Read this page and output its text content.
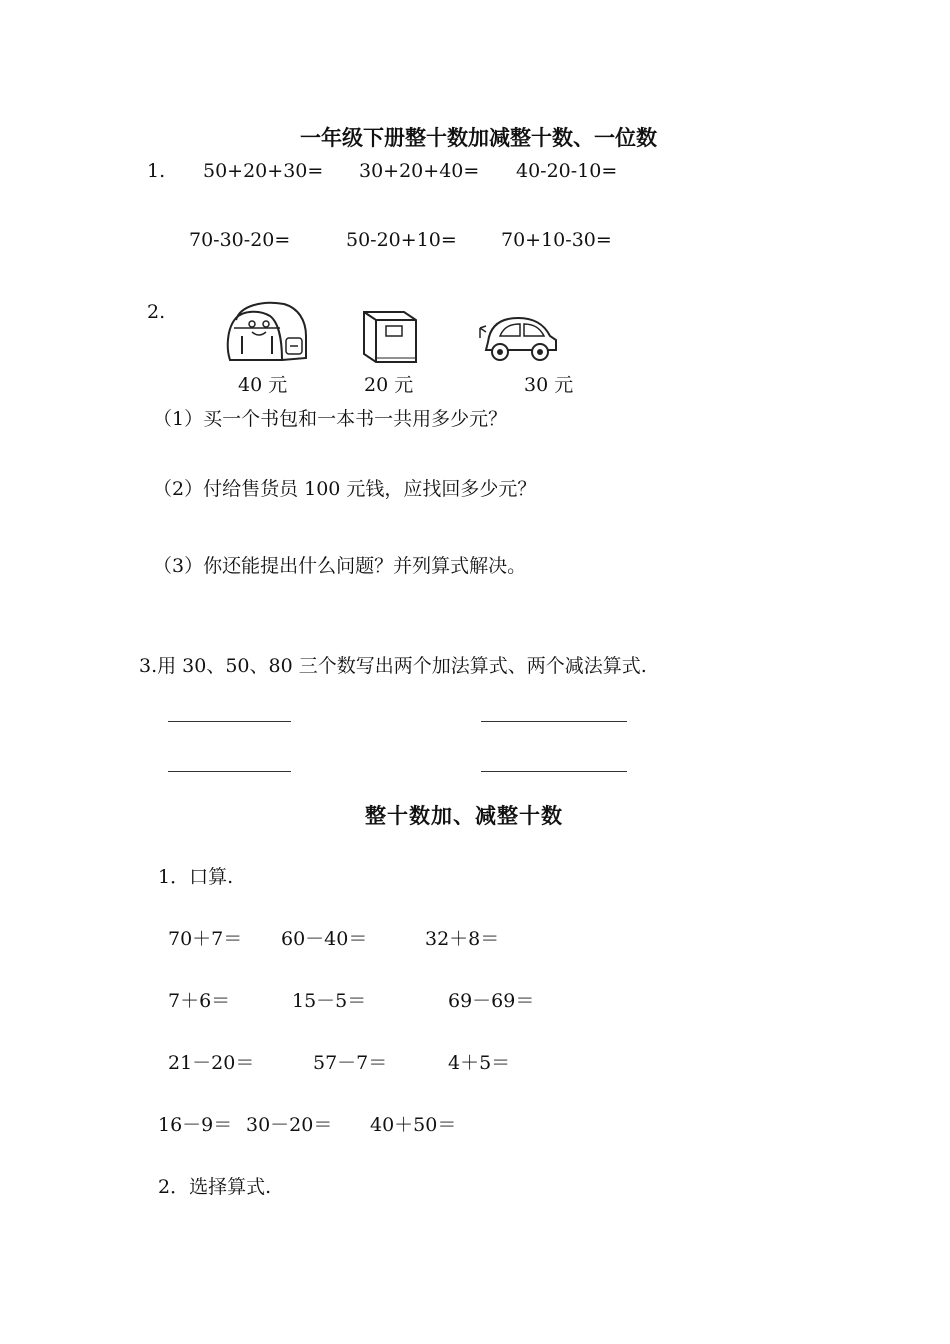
一年级下册整十数加减整十数、一位数
1. 50+20+30= 30+20+40= 40-20-10=
70-30-20=	50-20+10= 70+10-30=
2.
40 元	20 元	30 元
（1）买一个书包和一本书一共用多少元？
（2）付给售货员 100 元钱，应找回多少元？
（3）你还能提出什么问题？并列算式解决。
3.用 30、50、80 三个数写出两个加法算式、两个减法算式.
整十数加、减整十数
1．口算.
70＋7＝ 60－40＝	32＋8＝
7＋6＝	15－5＝	69－69＝
21－20＝	57－7＝	4＋5＝
16－9＝ 30－20＝ 40＋50＝
2．选择算式.
